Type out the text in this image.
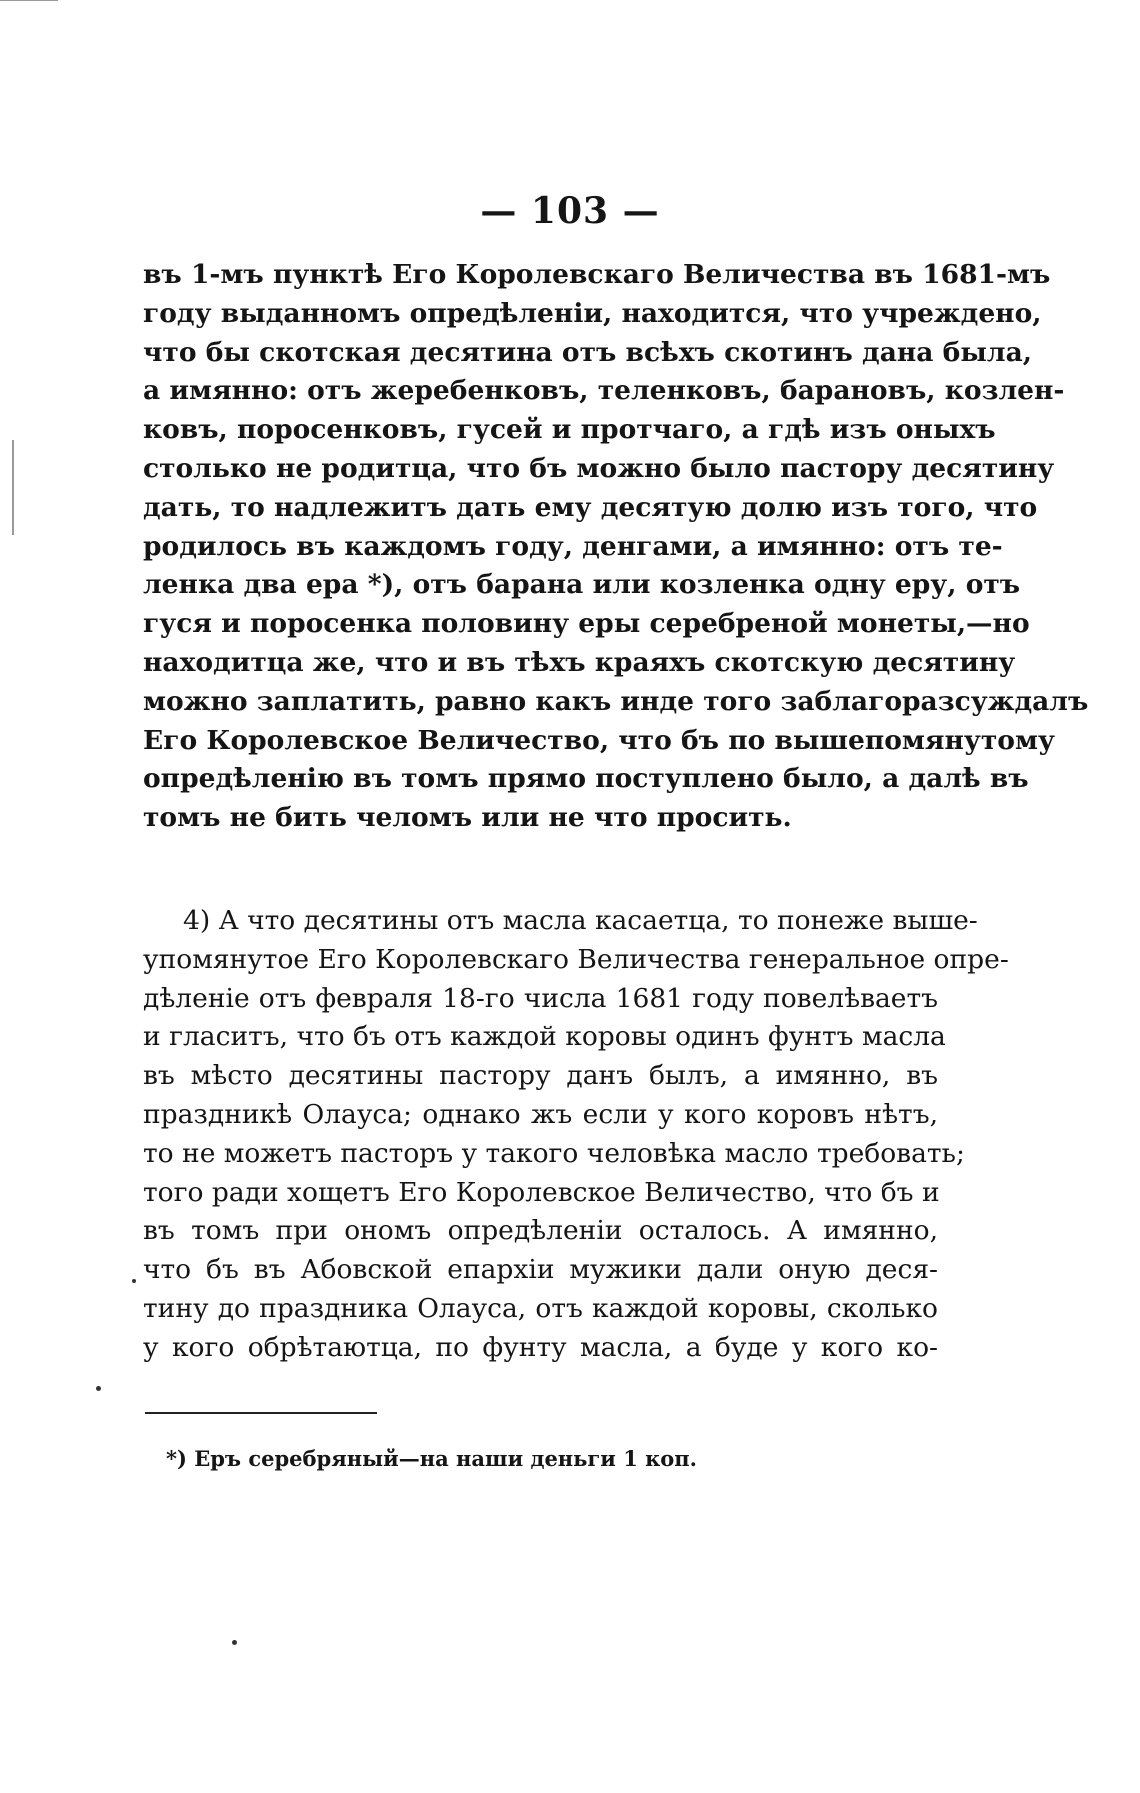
— 103 —
въ 1-мъ пунктѣ Его Королевскаго Величества въ 1681-мъ
году выданномъ опредѣленіи, находится, что учреждено,
что бы скотская десятина отъ всѣхъ скотинъ дана была,
а имянно: отъ жеребенковъ, теленковъ, барановъ, козлен-
ковъ, поросенковъ, гусей и протчаго, а гдѣ изъ оныхъ
столько не родитца, что бъ можно было пастору десятину
дать, то надлежитъ дать ему десятую долю изъ того, что
родилось въ каждомъ году, денгами, а имянно: отъ те-
ленка два ера *), отъ барана или козленка одну еру, отъ
гуся и поросенка половину еры серебреной монеты,—но
находитца же, что и въ тѣхъ краяхъ скотскую десятину
можно заплатить, равно какъ инде того заблагоразсуждалъ
Его Королевское Величество, что бъ по вышепомянутому
опредѣленію въ томъ прямо поступлено было, а далѣ въ
томъ не бить челомъ или не что просить.
4) А что десятины отъ масла касаетца, то понеже выше-
упомянутое Его Королевскаго Величества генеральное опре-
дѣленіе отъ февраля 18-го числа 1681 году повелѣваетъ
и гласитъ, что бъ отъ каждой коровы одинъ фунтъ масла
въ мѣсто десятины пастору данъ былъ, а имянно, въ
праздникѣ Олауса; однако жъ если у кого коровъ нѣтъ,
то не можетъ пасторъ у такого человѣка масло требовать;
того ради хощетъ Его Королевское Величество, что бъ и
въ томъ при ономъ опредѣленіи осталось. А имянно,
что бъ въ Абовской епархіи мужики дали оную деся-
тину до праздника Олауса, отъ каждой коровы, сколько
у кого обрѣтаютца, по фунту масла, а буде у кого ко-
*) Еръ серебряный—на наши деньги 1 коп.
